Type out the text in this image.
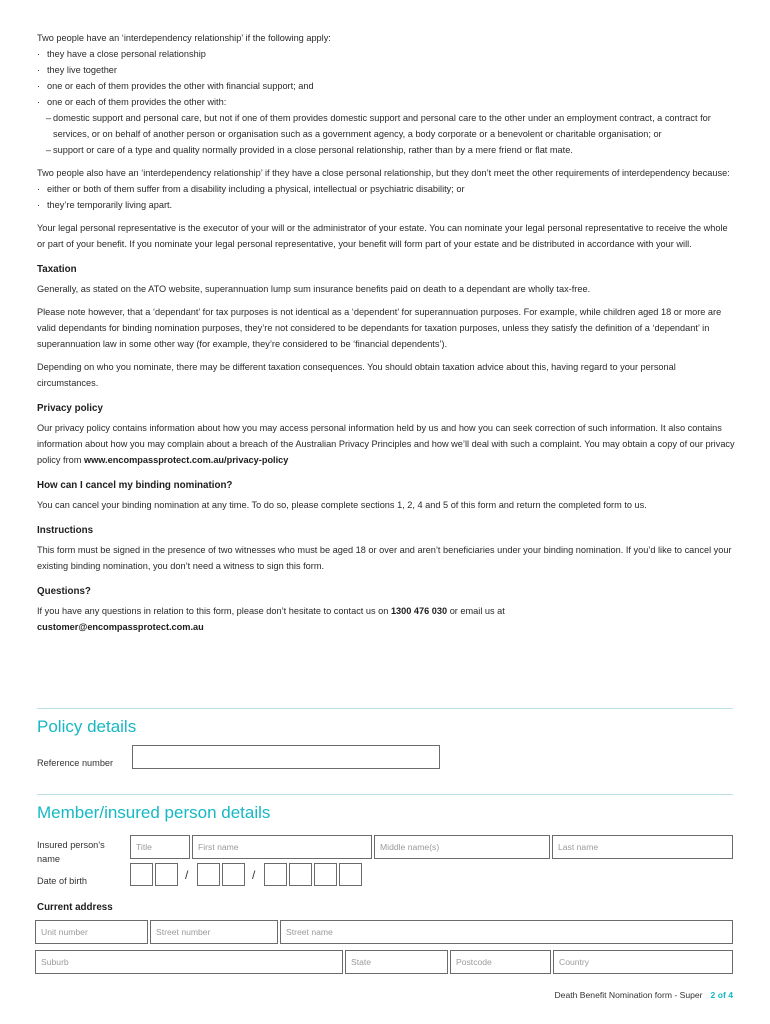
Two people have an ‘interdependency relationship’ if the following apply:

· they have a close personal relationship
· they live together
· one or each of them provides the other with financial support; and
· one or each of them provides the other with:
– domestic support and personal care, but not if one of them provides domestic support and personal care to the other under an employment contract, a contract for services, or on behalf of another person or organisation such as a government agency, a body corporate or a benevolent or charitable organisation; or
– support or care of a type and quality normally provided in a close personal relationship, rather than by a mere friend or flat mate.

Two people also have an ‘interdependency relationship’ if they have a close personal relationship, but they don’t meet the other requirements of interdependency because:

· either or both of them suffer from a disability including a physical, intellectual or psychiatric disability; or
· they’re temporarily living apart.

Your legal personal representative is the executor of your will or the administrator of your estate. You can nominate your legal personal representative to receive the whole or part of your benefit. If you nominate your legal personal representative, your benefit will form part of your estate and be distributed in accordance with your will.

Taxation

Generally, as stated on the ATO website, superannuation lump sum insurance benefits paid on death to a dependant are wholly tax-free.

Please note however, that a ‘dependant’ for tax purposes is not identical as a ‘dependent’ for superannuation purposes. For example, while children aged 18 or more are valid dependants for binding nomination purposes, they’re not considered to be dependants for taxation purposes, unless they satisfy the definition of a ‘dependant’ in superannuation law in some other way (for example, they’re considered to be ‘financial dependents’).

Depending on who you nominate, there may be different taxation consequences. You should obtain taxation advice about this, having regard to your personal circumstances.

Privacy policy

Our privacy policy contains information about how you may access personal information held by us and how you can seek correction of such information. It also contains information about how you may complain about a breach of the Australian Privacy Principles and how we’ll deal with such a complaint. You may obtain a copy of our privacy policy from www.encompassprotect.com.au/privacy-policy

How can I cancel my binding nomination?

You can cancel your binding nomination at any time. To do so, please complete sections 1, 2, 4 and 5 of this form and return the completed form to us.

Instructions

This form must be signed in the presence of two witnesses who must be aged 18 or over and aren’t beneficiaries under your binding nomination. If you’d like to cancel your existing binding nomination, you don’t need a witness to sign this form.

Questions?

If you have any questions in relation to this form, please don’t hesitate to contact us on 1300 476 030 or email us at

customer@encompassprotect.com.au

Policy details
Reference number
Member/insured person details
Insured person’s name
Title	First name	Middle name(s)	Last name
Date of birth	/	/
Current address
Unit number	Street number	Street name
Suburb	State	Postcode	Country
Death Benefit Nomination form - Super 2 of 4
